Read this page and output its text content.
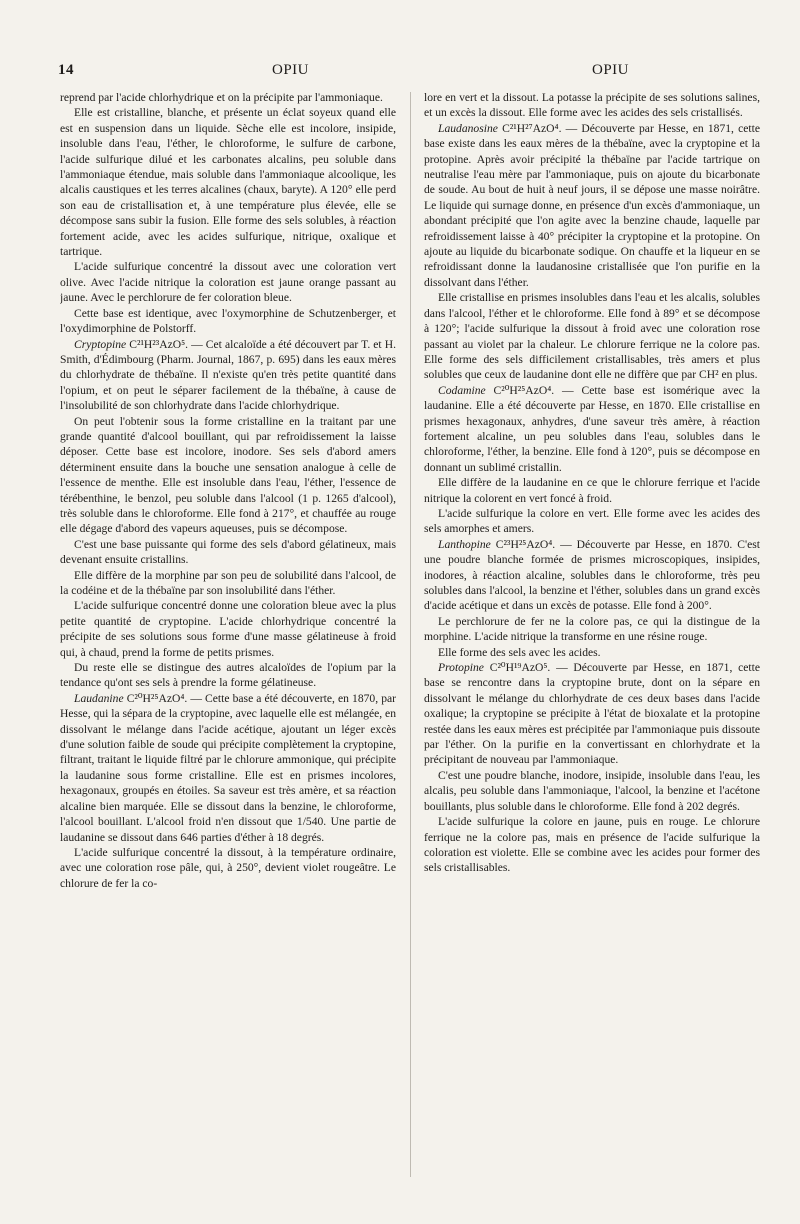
14	OPIU	OPIU

reprend par l'acide chlorhydrique et on la précipite par l'ammoniaque.

Elle est cristalline, blanche, et présente un éclat soyeux quand elle est en suspension dans un liquide. Sèche elle est incolore, insipide, insoluble dans l'eau, l'éther, le chloroforme, le sulfure de carbone, l'acide sulfurique dilué et les carbonates alcalins, peu soluble dans l'ammoniaque étendue, mais soluble dans l'ammoniaque alcoolique, les alcalis caustiques et les terres alcalines (chaux, baryte). A 120° elle perd son eau de cristallisation et, à une température plus élevée, elle se décompose sans subir la fusion. Elle forme des sels solubles, à réaction fortement acide, avec les acides sulfurique, nitrique, oxalique et tartrique.

L'acide sulfurique concentré la dissout avec une coloration vert olive. Avec l'acide nitrique la coloration est jaune orange passant au jaune. Avec le perchlorure de fer coloration bleue.

Cette base est identique, avec l'oxymorphine de Schutzenberger, et l'oxydimorphine de Polstorff.

Cryptopine C²¹H²³AzO⁵. — Cet alcaloïde a été découvert par T. et H. Smith, d'Édimbourg (Pharm. Journal, 1867, p. 695) dans les eaux mères du chlorhydrate de thébaïne. Il n'existe qu'en très petite quantité dans l'opium, et on peut le séparer facilement de la thébaïne, à cause de l'insolubilité de son chlorhydrate dans l'acide chlorhydrique.

On peut l'obtenir sous la forme cristalline en la traitant par une grande quantité d'alcool bouillant, qui par refroidissement la laisse déposer. Cette base est incolore, inodore. Ses sels d'abord amers déterminent ensuite dans la bouche une sensation analogue à celle de l'essence de menthe. Elle est insoluble dans l'eau, l'éther, l'essence de térébenthine, le benzol, peu soluble dans l'alcool (1 p. 1265 d'alcool), très soluble dans le chloroforme. Elle fond à 217°, et chauffée au rouge elle dégage d'abord des vapeurs aqueuses, puis se décompose.

C'est une base puissante qui forme des sels d'abord gélatineux, mais devenant ensuite cristallins.

Elle diffère de la morphine par son peu de solubilité dans l'alcool, de la codéine et de la thébaïne par son insolubilité dans l'éther.

L'acide sulfurique concentré donne une coloration bleue avec la plus petite quantité de cryptopine. L'acide chlorhydrique concentré la précipite de ses solutions sous forme d'une masse gélatineuse à froid qui, à chaud, prend la forme de petits prismes.

Du reste elle se distingue des autres alcaloïdes de l'opium par la tendance qu'ont ses sels à prendre la forme gélatineuse.

Laudanine C²⁰H²⁵AzO⁴. — Cette base a été découverte, en 1870, par Hesse, qui la sépara de la cryptopine, avec laquelle elle est mélangée, en dissolvant le mélange dans l'acide acétique, ajoutant un léger excès d'une solution faible de soude qui précipite complètement la cryptopine, filtrant, traitant le liquide filtré par le chlorure ammonique, qui précipite la laudanine sous forme cristalline. Elle est en prismes incolores, hexagonaux, groupés en étoiles. Sa saveur est très amère, et sa réaction alcaline bien marquée. Elle se dissout dans la benzine, le chloroforme, l'alcool bouillant. L'alcool froid n'en dissout que 1/540. Une partie de laudanine se dissout dans 646 parties d'éther à 18 degrés.

L'acide sulfurique concentré la dissout, à la température ordinaire, avec une coloration rose pâle, qui, à 250°, devient violet rougeâtre. Le chlorure de fer la co-

lore en vert et la dissout. La potasse la précipite de ses solutions salines, et un excès la dissout. Elle forme avec les acides des sels cristallisés.

Laudanosine C²¹H²⁷AzO⁴. — Découverte par Hesse, en 1871, cette base existe dans les eaux mères de la thébaïne, avec la cryptopine et la protopine. Après avoir précipité la thébaïne par l'acide tartrique on neutralise l'eau mère par l'ammoniaque, puis on ajoute du bicarbonate de soude. Au bout de huit à neuf jours, il se dépose une masse noirâtre. Le liquide qui surnage donne, en présence d'un excès d'ammoniaque, un abondant précipité que l'on agite avec la benzine chaude, laquelle par refroidissement laisse à 40° précipiter la cryptopine et la protopine. On ajoute au liquide du bicarbonate sodique. On chauffe et la liqueur en se refroidissant donne la laudanosine cristallisée que l'on purifie en la dissolvant dans l'éther.

Elle cristallise en prismes insolubles dans l'eau et les alcalis, solubles dans l'alcool, l'éther et le chloroforme. Elle fond à 89° et se décompose à 120°; l'acide sulfurique la dissout à froid avec une coloration rose passant au violet par la chaleur. Le chlorure ferrique ne la colore pas. Elle forme des sels difficilement cristallisables, très amers et plus solubles que ceux de laudanine dont elle ne diffère que par CH² en plus.

Codamine C²⁰H²⁵AzO⁴. — Cette base est isomérique avec la laudanine. Elle a été découverte par Hesse, en 1870. Elle cristallise en prismes hexagonaux, anhydres, d'une saveur très amère, à réaction fortement alcaline, un peu solubles dans l'eau, solubles dans le chloroforme, l'éther, la benzine. Elle fond à 120°, puis se décompose en donnant un sublimé cristallin.

Elle diffère de la laudanine en ce que le chlorure ferrique et l'acide nitrique la colorent en vert foncé à froid.

L'acide sulfurique la colore en vert. Elle forme avec les acides des sels amorphes et amers.

Lanthopine C²³H²⁵AzO⁴. — Découverte par Hesse, en 1870. C'est une poudre blanche formée de prismes microscopiques, insipides, inodores, à réaction alcaline, solubles dans le chloroforme, très peu solubles dans l'alcool, la benzine et l'éther, solubles dans un grand excès d'acide acétique et dans un excès de potasse. Elle fond à 200°.

Le perchlorure de fer ne la colore pas, ce qui la distingue de la morphine. L'acide nitrique la transforme en une résine rouge.

Elle forme des sels avec les acides.

Protopine C²⁰H¹⁹AzO⁵. — Découverte par Hesse, en 1871, cette base se rencontre dans la cryptopine brute, dont on la sépare en dissolvant le mélange du chlorhydrate de ces deux bases dans l'acide oxalique; la cryptopine se précipite à l'état de bioxalate et la protopine restée dans les eaux mères est précipitée par l'ammoniaque puis dissoute par l'éther. On la purifie en la convertissant en chlorhydrate et la précipitant de nouveau par l'ammoniaque.

C'est une poudre blanche, inodore, insipide, insoluble dans l'eau, les alcalis, peu soluble dans l'ammoniaque, l'alcool, la benzine et l'acétone bouillants, plus soluble dans le chloroforme. Elle fond à 202 degrés.

L'acide sulfurique la colore en jaune, puis en rouge. Le chlorure ferrique ne la colore pas, mais en présence de l'acide sulfurique la coloration est violette. Elle se combine avec les acides pour former des sels cristallisables.
